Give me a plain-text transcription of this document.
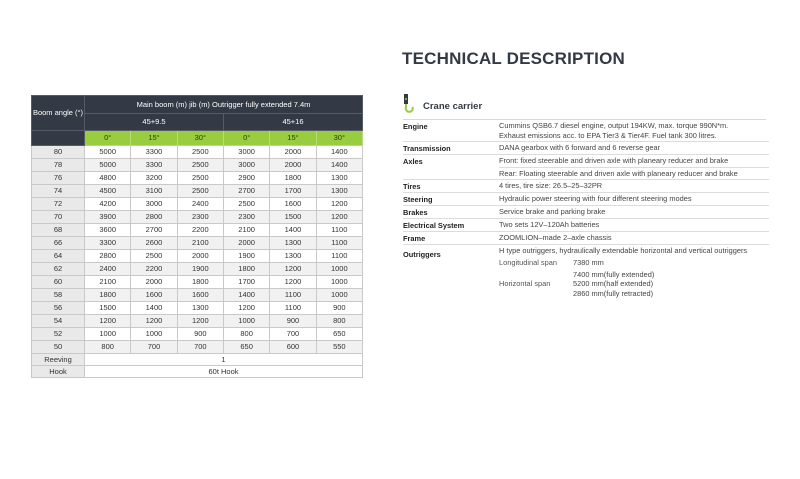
Boom angle (°)	Main boom (m) jib (m) Outrigger fully extended 7.4m					
	45+9.5			45+16		
	0°	15°	30°	0°	15°	30°
80	5000	3300	2500	3000	2000	1400
78	5000	3300	2500	3000	2000	1400
76	4800	3200	2500	2900	1800	1300
74	4500	3100	2500	2700	1700	1300
72	4200	3000	2400	2500	1600	1200
70	3900	2800	2300	2300	1500	1200
68	3600	2700	2200	2100	1400	1100
66	3300	2600	2100	2000	1300	1100
64	2800	2500	2000	1900	1300	1100
62	2400	2200	1900	1800	1200	1000
60	2100	2000	1800	1700	1200	1000
58	1800	1600	1600	1400	1100	1000
56	1500	1400	1300	1200	1100	900
54	1200	1200	1200	1000	900	800
52	1000	1000	900	800	700	650
50	800	700	700	650	600	550
Reeving	1					
Hook	60t Hook					
TECHNICAL DESCRIPTION
Crane carrier
Engine	Cummins QSB6.7 diesel engine, output 194KW, max. torque 990N*m.
Exhaust emissions acc. to EPA Tier3 & Tier4F. Fuel tank 300 litres.
Transmission	DANA gearbox with 6 forward and 6 reverse gear
Axles	Front: fixed steerable and driven axle with planeary reducer and brake
Rear: Floating steerable and driven axle with planeary reducer and brake
Tires	4 tires, tire size: 26.5–25–32PR
Steering	Hydraulic power steering with four different steering modes
Brakes	Service brake and parking brake
Electrical System	Two sets 12V–120Ah batteries
Frame	ZOOMLION–made 2–axle chassis
Outriggers	H type outriggers, hydraulically extendable horizontal and vertical outriggers
Longitudinal span	7380 mm
Horizontal span
7400 mm(fully extended)
5200 mm(half extended)
2860 mm(fully retracted)
